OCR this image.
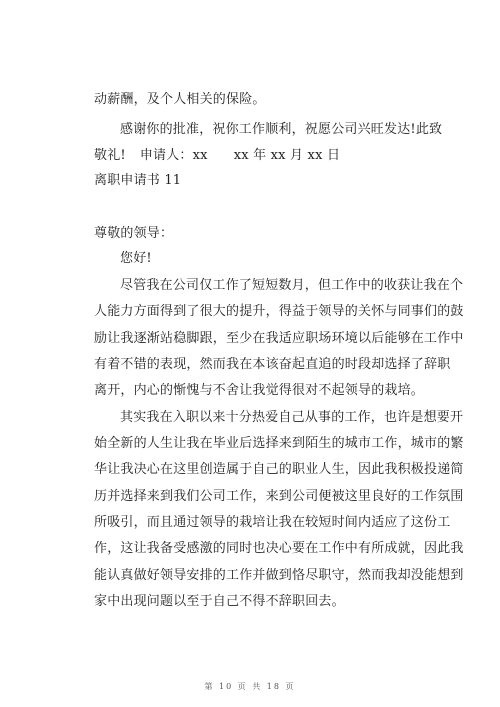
动薪酬，及个人相关的保险。
感谢你的批准，祝你工作顺利，祝愿公司兴旺发达!此致
敬礼! 申请人：xx xx 年 xx 月 xx 日
离职申请书 11
尊敬的领导：
您好!
尽管我在公司仅工作了短短数月，但工作中的收获让我在个
人能力方面得到了很大的提升，得益于领导的关怀与同事们的鼓
励让我逐渐站稳脚跟，至少在我适应职场环境以后能够在工作中
有着不错的表现，然而我在本该奋起直追的时段却选择了辞职
离开，内心的惭愧与不舍让我觉得很对不起领导的栽培。
其实我在入职以来十分热爱自己从事的工作，也许是想要开
始全新的人生让我在毕业后选择来到陌生的城市工作，城市的繁
华让我决心在这里创造属于自己的职业人生，因此我积极投递简
历并选择来到我们公司工作，来到公司便被这里良好的工作氛围
所吸引，而且通过领导的栽培让我在较短时间内适应了这份工
作，这让我备受感激的同时也决心要在工作中有所成就，因此我
能认真做好领导安排的工作并做到恪尽职守，然而我却没能想到
家中出现问题以至于自己不得不辞职回去。
第 10 页 共 18 页
